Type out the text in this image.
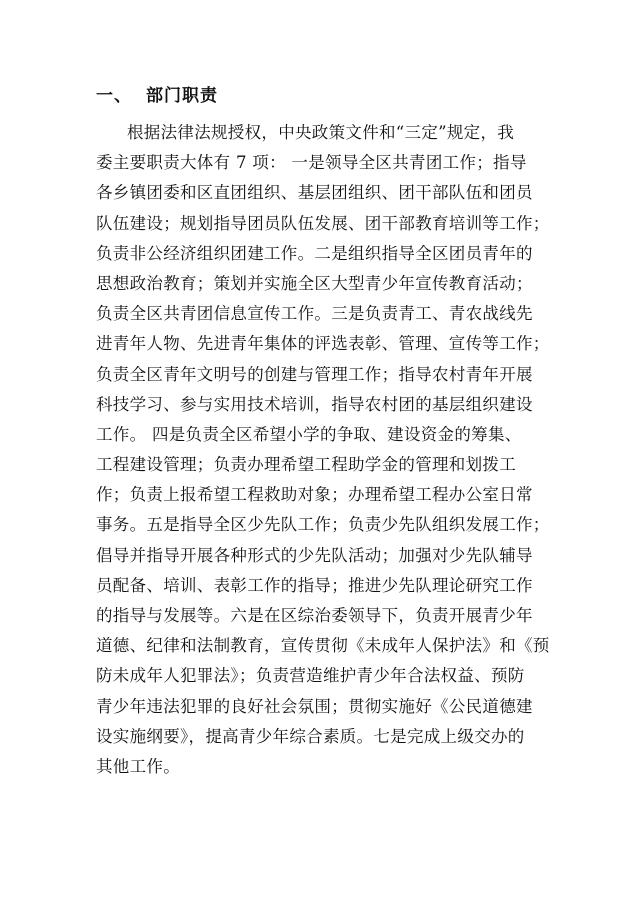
一、 部门职责
根据法律法规授权，中央政策文件和“三定”规定，我
委主要职责大体有 7 项： 一是领导全区共青团工作；指导
各乡镇团委和区直团组织、基层团组织、团干部队伍和团员
队伍建设；规划指导团员队伍发展、团干部教育培训等工作；
负责非公经济组织团建工作。二是组织指导全区团员青年的
思想政治教育；策划并实施全区大型青少年宣传教育活动；
负责全区共青团信息宣传工作。三是负责青工、青农战线先
进青年人物、先进青年集体的评选表彰、管理、宣传等工作；
负责全区青年文明号的创建与管理工作；指导农村青年开展
科技学习、参与实用技术培训，指导农村团的基层组织建设
工作。 四是负责全区希望小学的争取、建设资金的筹集、
工程建设管理；负责办理希望工程助学金的管理和划拨工
作；负责上报希望工程救助对象；办理希望工程办公室日常
事务。五是指导全区少先队工作；负责少先队组织发展工作；
倡导并指导开展各种形式的少先队活动；加强对少先队辅导
员配备、培训、表彰工作的指导；推进少先队理论研究工作
的指导与发展等。六是在区综治委领导下，负责开展青少年
道德、纪律和法制教育，宣传贯彻《未成年人保护法》和《预
防未成年人犯罪法》；负责营造维护青少年合法权益、预防
青少年违法犯罪的良好社会氛围；贯彻实施好《公民道德建
设实施纲要》，提高青少年综合素质。七是完成上级交办的
其他工作。
